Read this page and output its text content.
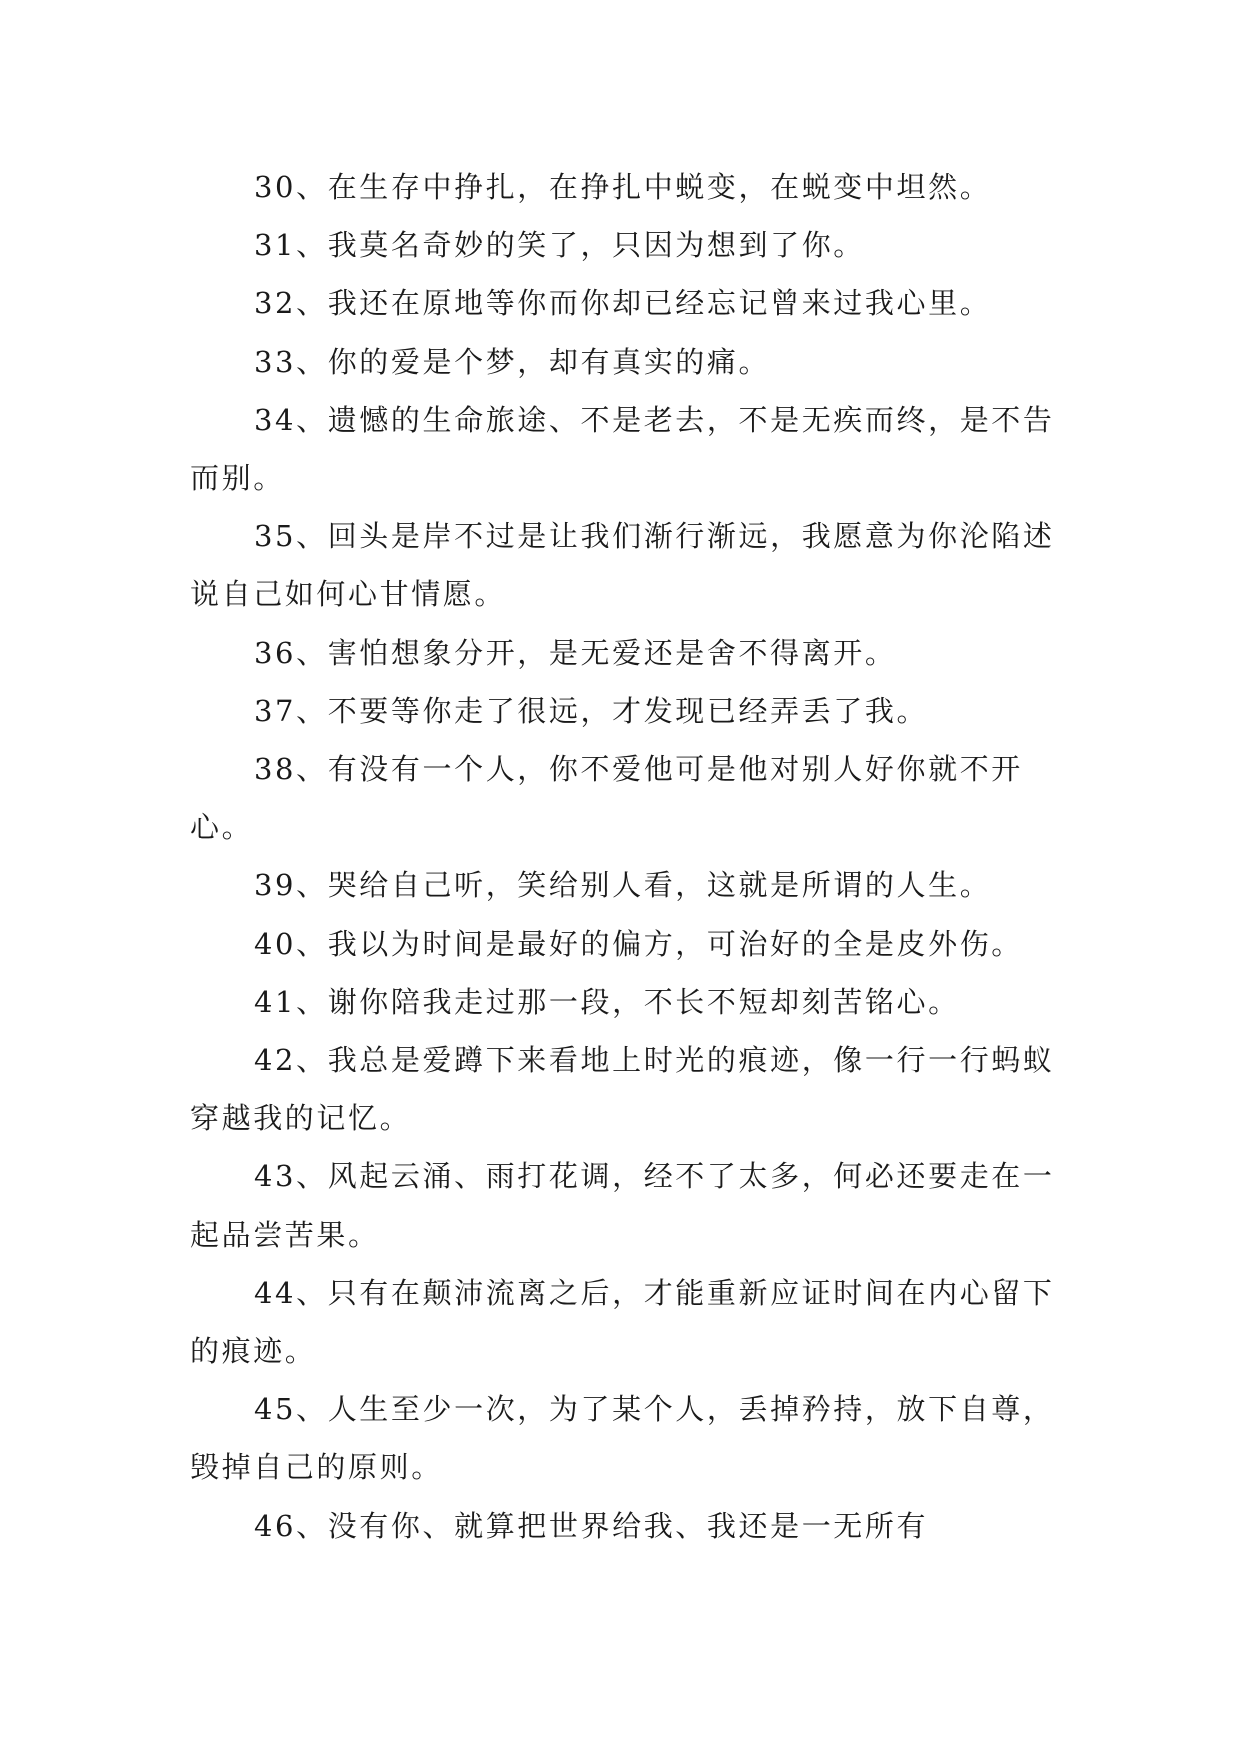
30、在生存中挣扎，在挣扎中蜕变，在蜕变中坦然。

31、我莫名奇妙的笑了，只因为想到了你。

32、我还在原地等你而你却已经忘记曾来过我心里。

33、你的爱是个梦，却有真实的痛。

34、遗憾的生命旅途、不是老去，不是无疾而终，是不告而别。

35、回头是岸不过是让我们渐行渐远，我愿意为你沦陷述说自己如何心甘情愿。

36、害怕想象分开，是无爱还是舍不得离开。

37、不要等你走了很远，才发现已经弄丢了我。

38、有没有一个人，你不爱他可是他对别人好你就不开心。

39、哭给自己听，笑给别人看，这就是所谓的人生。

40、我以为时间是最好的偏方，可治好的全是皮外伤。

41、谢你陪我走过那一段，不长不短却刻苦铭心。

42、我总是爱蹲下来看地上时光的痕迹，像一行一行蚂蚁穿越我的记忆。

43、风起云涌、雨打花调，经不了太多，何必还要走在一起品尝苦果。

44、只有在颠沛流离之后，才能重新应证时间在内心留下的痕迹。

45、人生至少一次，为了某个人，丢掉矜持，放下自尊，毁掉自己的原则。

46、没有你、就算把世界给我、我还是一无所有
